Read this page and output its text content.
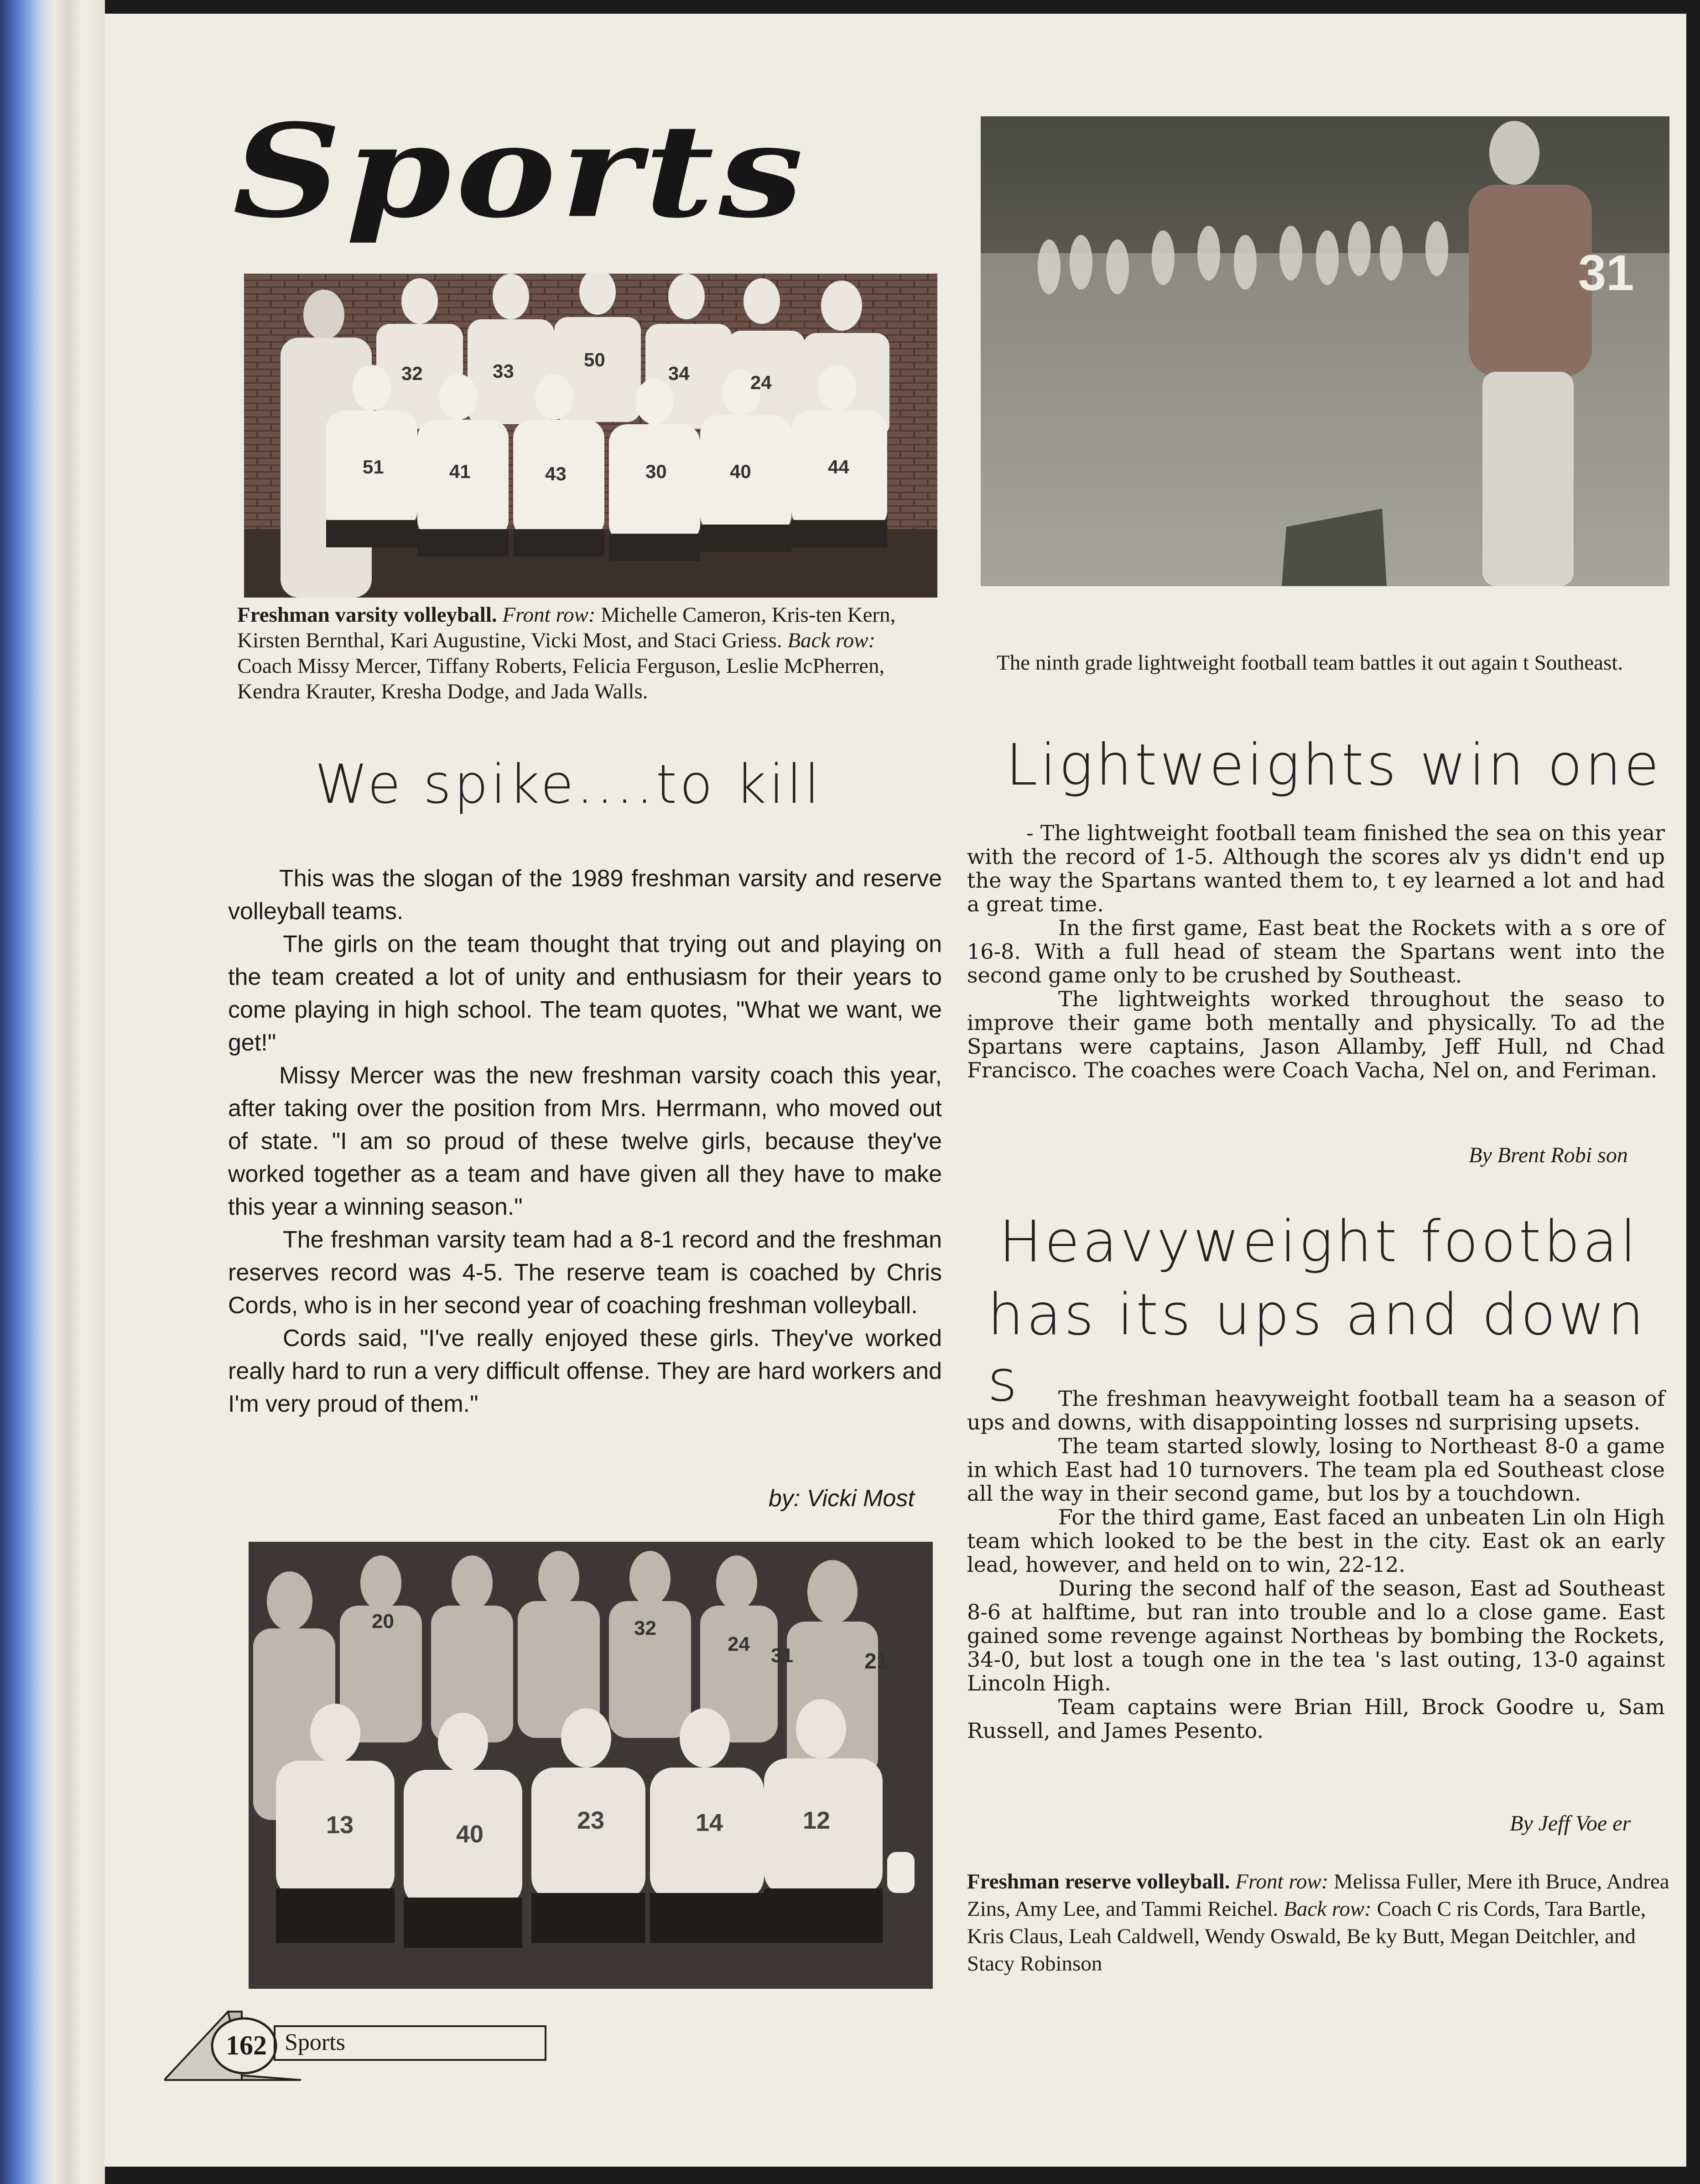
Sports
32	33
50
34	24
51	41	43	30	40	44
Freshman varsity volleyball. Front row: Michelle Cameron, Kris-ten Kern, Kirsten Bernthal, Kari Augustine, Vicki Most, and Staci Griess. Back row: Coach Missy Mercer, Tiffany Roberts, Felicia Ferguson, Leslie McPherren, Kendra Krauter, Kresha Dodge, and Jada Walls.
We spike....to kill

This was the slogan of the 1989 freshman varsity and reserve volleyball teams.

The girls on the team thought that trying out and playing on the team created a lot of unity and enthusiasm for their years to come playing in high school. The team quotes, "What we want, we get!"

Missy Mercer was the new freshman varsity coach this year, after taking over the position from Mrs. Herrmann, who moved out of state. "I am so proud of these twelve girls, because they've worked together as a team and have given all they have to make this year a winning season."

The freshman varsity team had a 8-1 record and the freshman reserves record was 4-5. The reserve team is coached by Chris Cords, who is in her second year of coaching freshman volleyball.

Cords said, "I've really enjoyed these girls. They've worked really hard to run a very difficult offense. They are hard workers and I'm very proud of them."

by: Vicki Most
20	32
24
31	21
13	40	23	14	12
31
The ninth grade lightweight football team battles it out again t Southeast.
Lightweights win one

- The lightweight football team finished the sea on this year with the record of 1-5. Although the scores alv ys didn't end up the way the Spartans wanted them to, t ey learned a lot and had a great time.

In the first game, East beat the Rockets with a s ore of 16-8. With a full head of steam the Spartans went into the second game only to be crushed by Southeast.

The lightweights worked throughout the seaso to improve their game both mentally and physically. To ad the Spartans were captains, Jason Allamby, Jeff Hull, nd Chad Francisco. The coaches were Coach Vacha, Nel on, and Feriman.

By Brent Robi son
Heavyweight footbal
has its ups and down s	The freshman heavyweight football team ha a season of ups and downs, with disappointing losses nd surprising upsets.

The team started slowly, losing to Northeast 8-0 a game in which East had 10 turnovers. The team pla ed Southeast close all the way in their second game, but los by a touchdown.

For the third game, East faced an unbeaten Lin oln High team which looked to be the best in the city. East ok an early lead, however, and held on to win, 22-12.

During the second half of the season, East ad Southeast 8-6 at halftime, but ran into trouble and lo a close game. East gained some revenge against Northeas by bombing the Rockets, 34-0, but lost a tough one in the tea 's last outing, 13-0 against Lincoln High.

Team captains were Brian Hill, Brock Goodre u, Sam Russell, and James Pesento.

By Jeff Voe er
Freshman reserve volleyball. Front row: Melissa Fuller, Mere ith Bruce, Andrea Zins, Amy Lee, and Tammi Reichel. Back row: Coach C ris Cords, Tara Bartle, Kris Claus, Leah Caldwell, Wendy Oswald, Be ky Butt, Megan Deitchler, and Stacy Robinson
162 Sports
